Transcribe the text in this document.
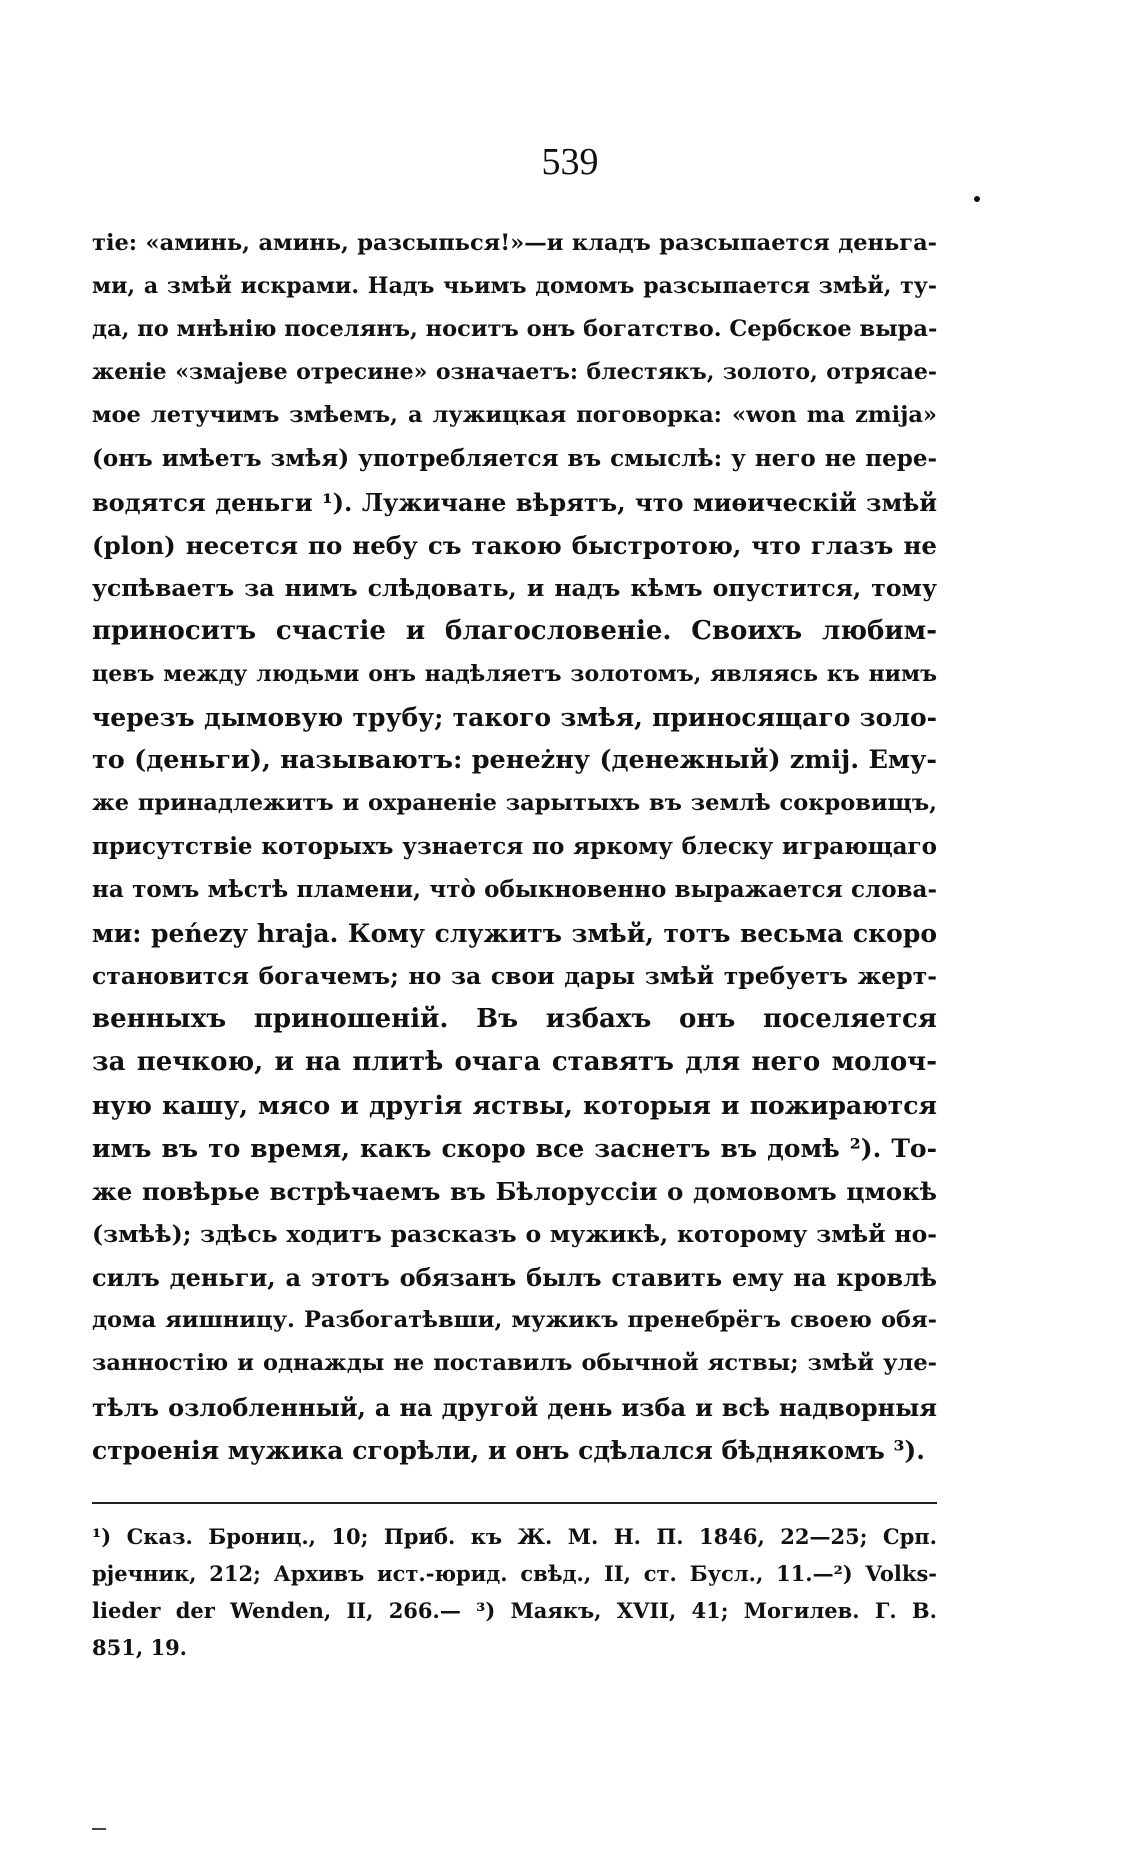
539
тіе: «аминь, аминь, разсыпься!»—и кладъ разсыпается деньга-
ми, а змѣй искрами. Надъ чьимъ домомъ разсыпается змѣй, ту-
да, по мнѣнію поселянъ, носитъ онъ богатство. Сербское выра-
женіе «змајеве отресине» означаетъ: блестякъ, золото, отрясае-
мое летучимъ змѣемъ, а лужицкая поговорка: «won ma zmija»
(онъ имѣетъ змѣя) употребляется въ смыслѣ: у него не пере-
водятся деньги ¹). Лужичане вѣрятъ, что миѳическій змѣй
(plon) несется по небу съ такою быстротою, что глазъ не
успѣваетъ за нимъ слѣдовать, и надъ кѣмъ опустится, тому
приноситъ счастіе и благословеніе. Своихъ любим-
цевъ между людьми онъ надѣляетъ золотомъ, являясь къ нимъ
черезъ дымовую трубу; такого змѣя, приносящаго золо-
то (деньги), называютъ: pенеżну (денежный) zmij. Ему-
же принадлежитъ и охраненіе зарытыхъ въ землѣ сокровищъ,
присутствіе которыхъ узнается по яркому блеску играющаго
на томъ мѣстѣ пламени, что̀ обыкновенно выражается слова-
ми: peńezy hraja. Кому служитъ змѣй, тотъ весьма скоро
становится богачемъ; но за свои дары змѣй требуетъ жерт-
венныхъ приношеній. Въ избахъ онъ поселяется
за печкою, и на плитѣ очага ставятъ для него молоч-
ную кашу, мясо и другія яствы, которыя и пожираются
имъ въ то время, какъ скоро все заснетъ въ домѣ ²). То-
же повѣрье встрѣчаемъ въ Бѣлоруссіи о домовомъ цмокѣ
(змѣѣ); здѣсь ходитъ разсказъ о мужикѣ, которому змѣй но-
силъ деньги, а этотъ обязанъ былъ ставить ему на кровлѣ
дома яишницу. Разбогатѣвши, мужикъ пренебрёгъ своею обя-
занностію и однажды не поставилъ обычной яствы; змѣй уле-
тѣлъ озлобленный, а на другой день изба и всѣ надворныя
строенія мужика сгорѣли, и онъ сдѣлался бѣднякомъ ³).
¹) Сказ. Брониц., 10; Приб. къ Ж. М. Н. П. 1846, 22—25; Срп.
рјечник, 212; Архивъ ист.-юрид. свѣд., II, ст. Бусл., 11.—²) Volks-
lieder der Wenden, II, 266.— ³) Маякъ, XVII, 41; Могилев. Г. В.
851, 19.
